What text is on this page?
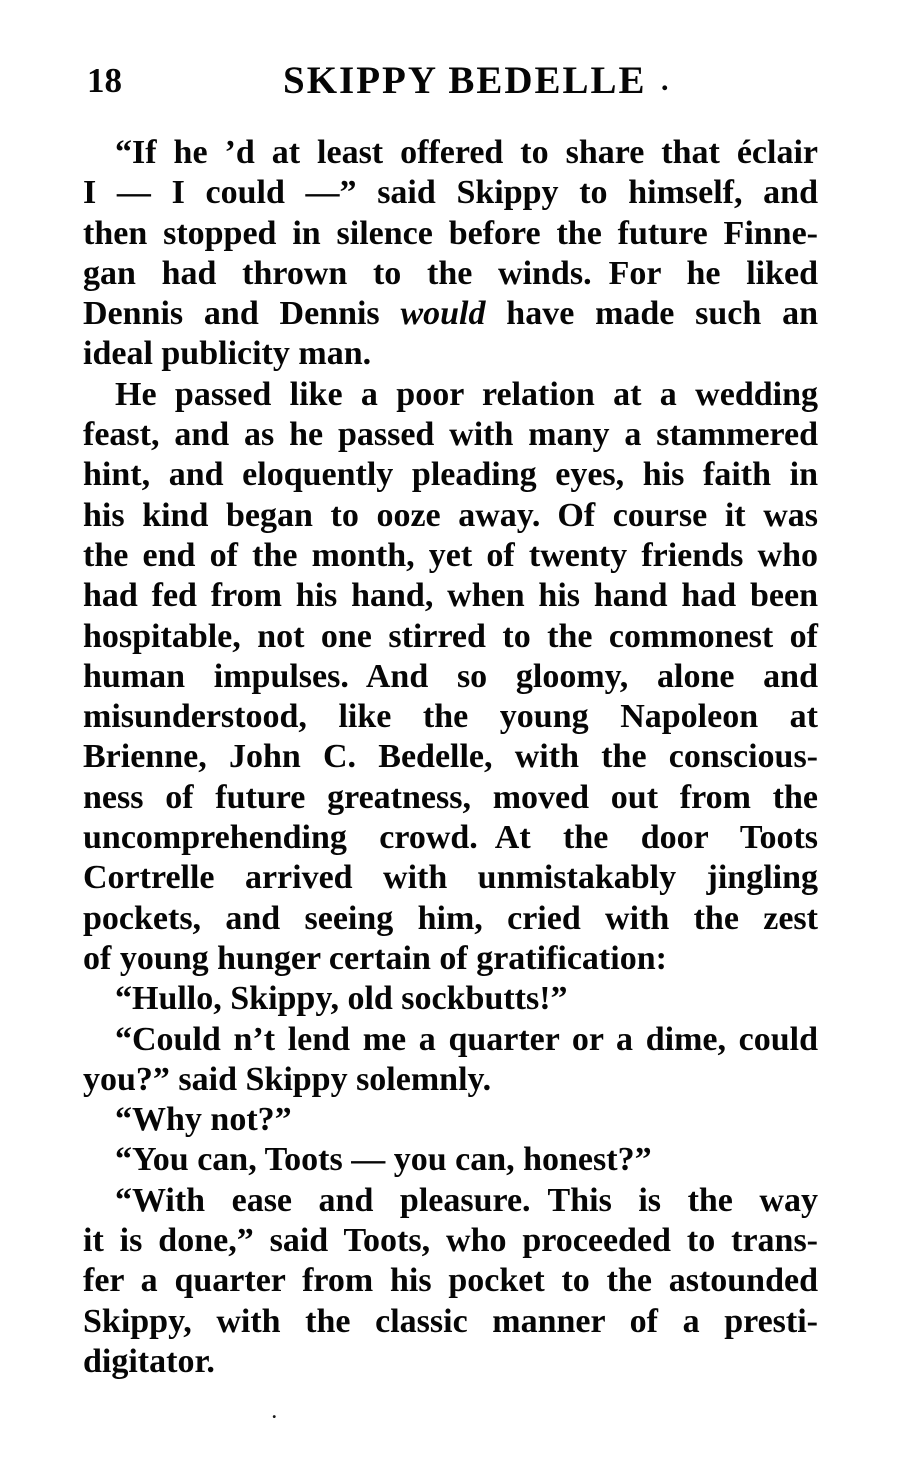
18	SKIPPY BEDELLE .
“If he ’d at least offered to share that éclair
I — I could —” said Skippy to himself, and
then stopped in silence before the future Finne-
gan had thrown to the winds. For he liked
Dennis and Dennis would have made such an
ideal publicity man.
He passed like a poor relation at a wedding
feast, and as he passed with many a stammered
hint, and eloquently pleading eyes, his faith in
his kind began to ooze away. Of course it was
the end of the month, yet of twenty friends who
had fed from his hand, when his hand had been
hospitable, not one stirred to the commonest of
human impulses. And so gloomy, alone and
misunderstood, like the young Napoleon at
Brienne, John C. Bedelle, with the conscious-
ness of future greatness, moved out from the
uncomprehending crowd. At the door Toots
Cortrelle arrived with unmistakably jingling
pockets, and seeing him, cried with the zest
of young hunger certain of gratification:
“Hullo, Skippy, old sockbutts!”
“Could n’t lend me a quarter or a dime, could
you?” said Skippy solemnly.
“Why not?”
“You can, Toots — you can, honest?”
“With ease and pleasure. This is the way
it is done,” said Toots, who proceeded to trans-
fer a quarter from his pocket to the astounded
Skippy, with the classic manner of a presti-
digitator.
.
